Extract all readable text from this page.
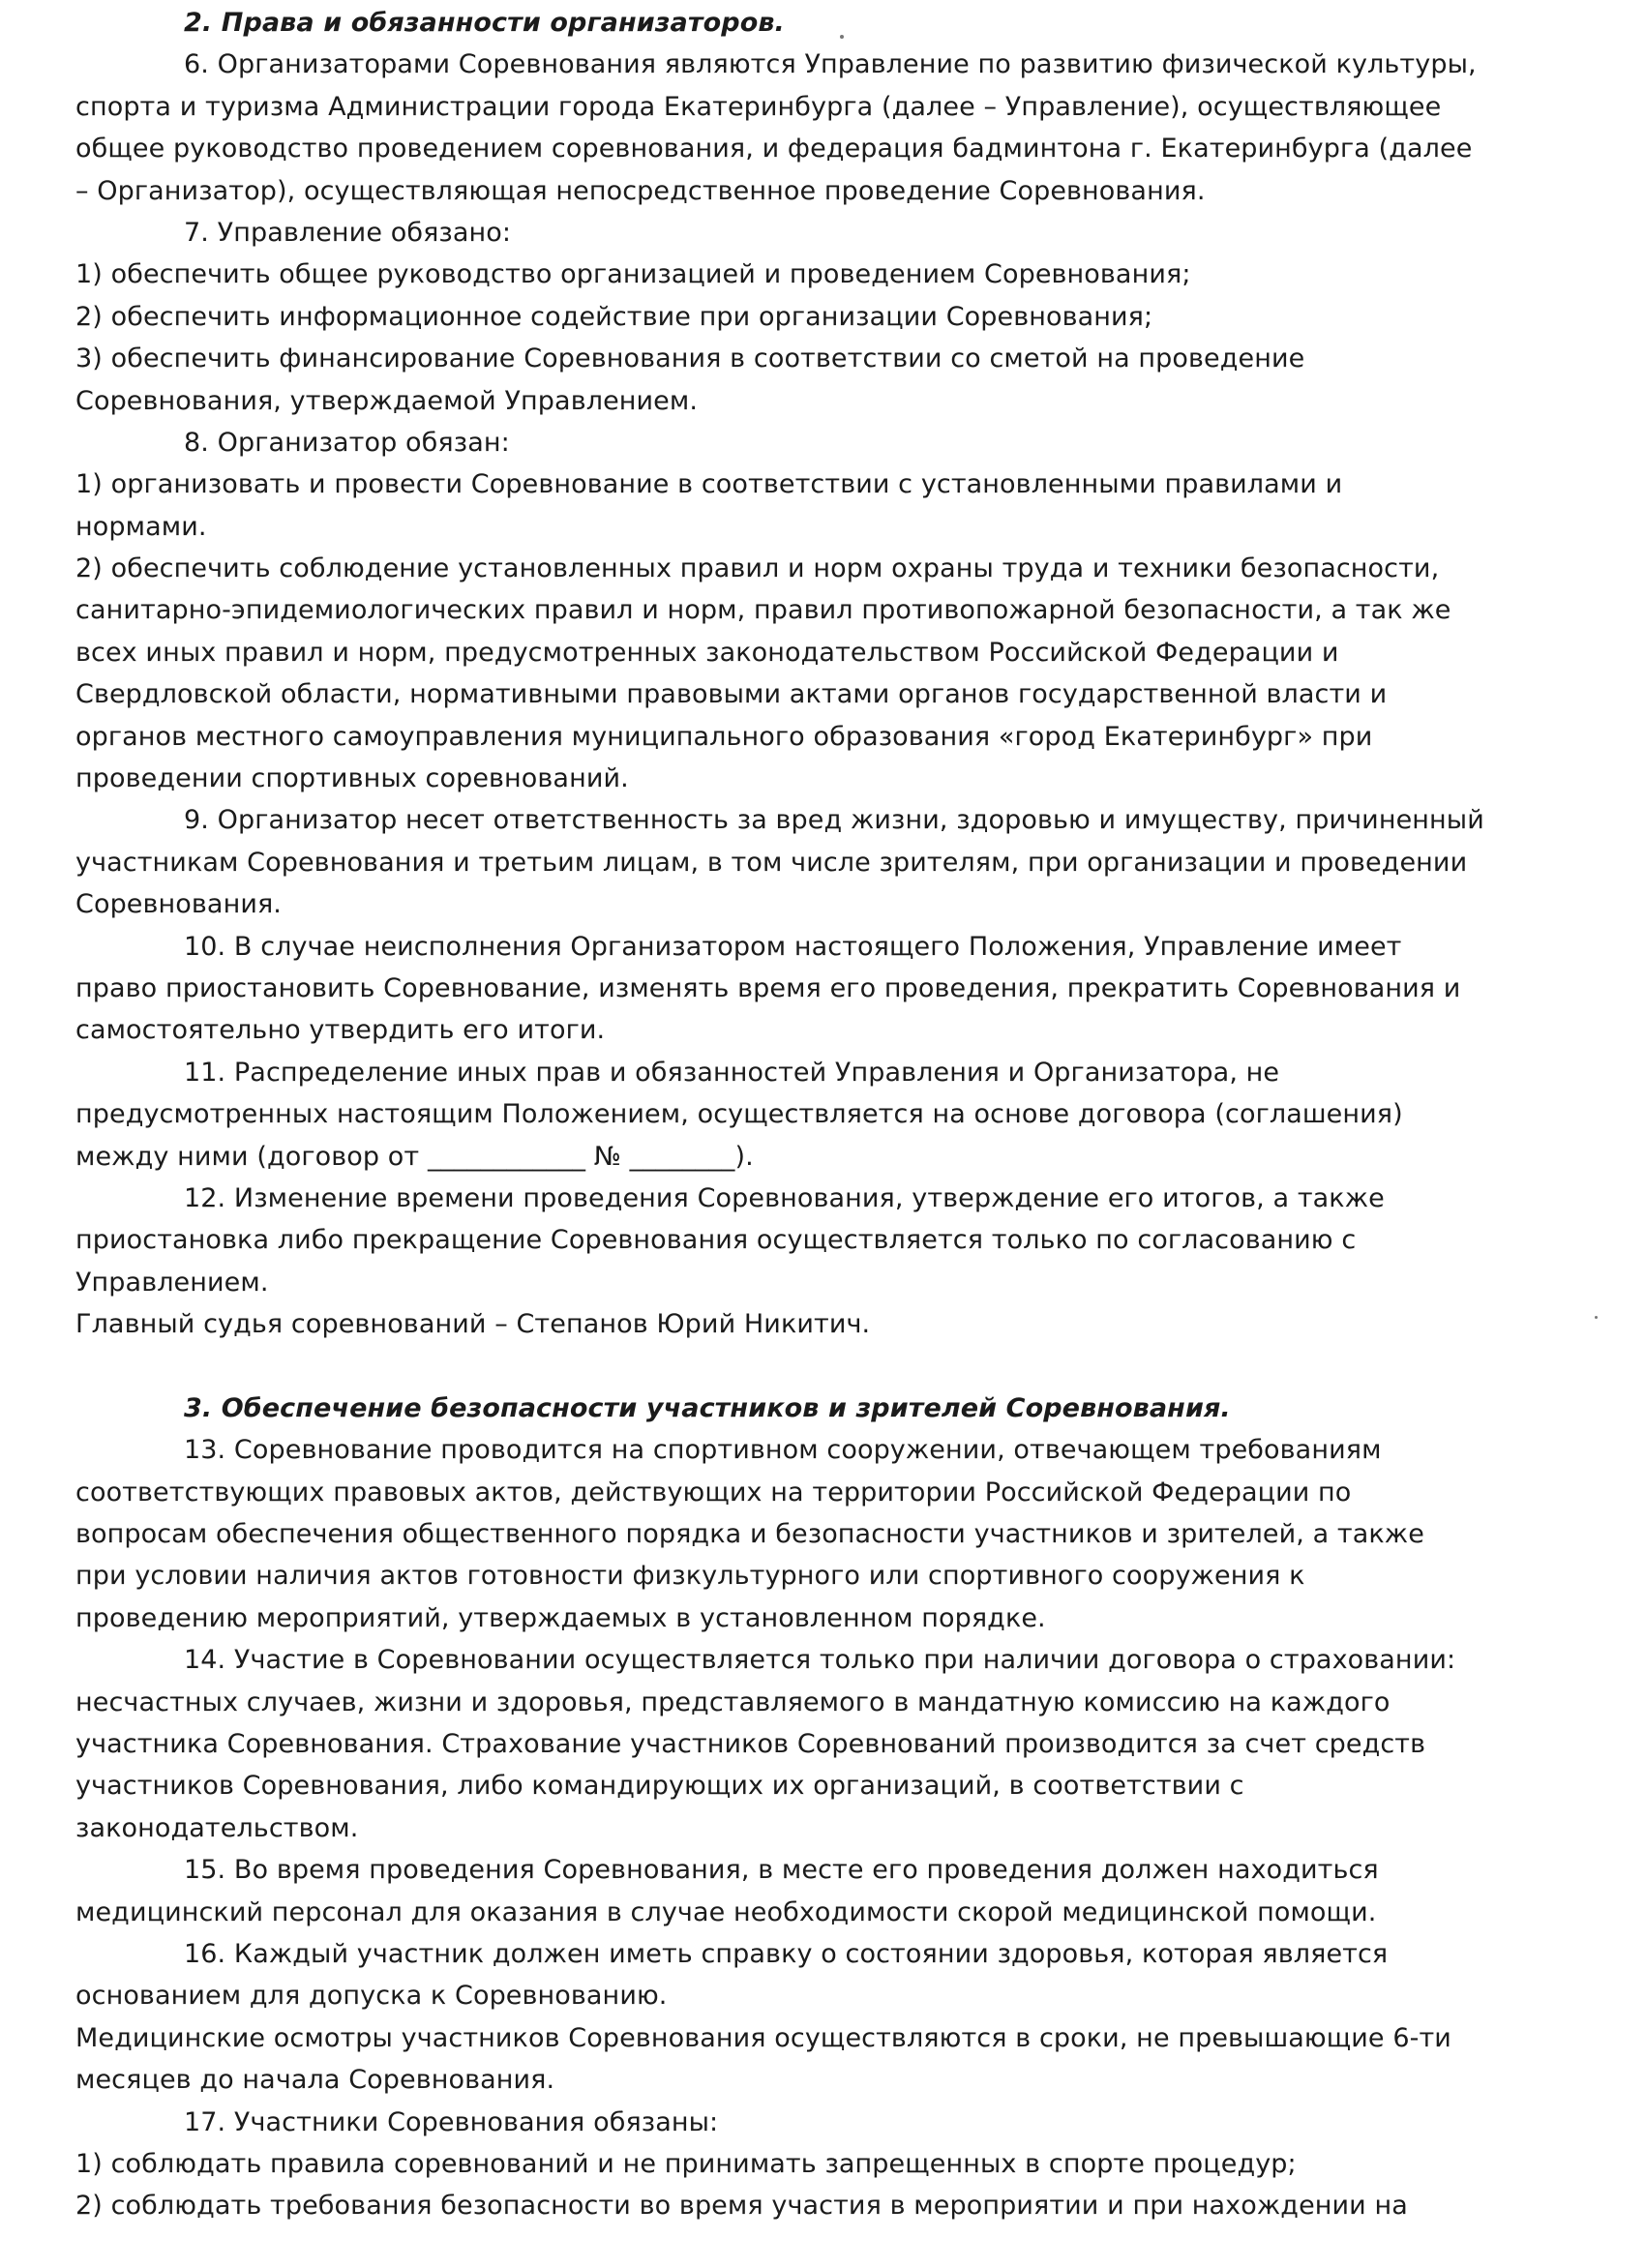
2. Права и обязанности организаторов.
6. Организаторами Соревнования являются Управление по развитию физической культуры,
спорта и туризма Администрации города Екатеринбурга (далее – Управление), осуществляющее
общее руководство проведением соревнования, и федерация бадминтона г. Екатеринбурга (далее
– Организатор), осуществляющая непосредственное проведение Соревнования.
7. Управление обязано:
1) обеспечить общее руководство организацией и проведением Соревнования;
2) обеспечить информационное содействие при организации Соревнования;
3) обеспечить финансирование Соревнования в соответствии со сметой на проведение
Соревнования, утверждаемой Управлением.
8. Организатор обязан:
1) организовать и провести Соревнование в соответствии с установленными правилами и
нормами.
2) обеспечить соблюдение установленных правил и норм охраны труда и техники безопасности,
санитарно-эпидемиологических правил и норм, правил противопожарной безопасности, а так же
всех иных правил и норм, предусмотренных законодательством Российской Федерации и
Свердловской области, нормативными правовыми актами органов государственной власти и
органов местного самоуправления муниципального образования «город Екатеринбург» при
проведении спортивных соревнований.
9. Организатор несет ответственность за вред жизни, здоровью и имуществу, причиненный
участникам Соревнования и третьим лицам, в том числе зрителям, при организации и проведении
Соревнования.
10. В случае неисполнения Организатором настоящего Положения, Управление имеет
право приостановить Соревнование, изменять время его проведения, прекратить Соревнования и
самостоятельно утвердить его итоги.
11. Распределение иных прав и обязанностей Управления и Организатора, не
предусмотренных настоящим Положением, осуществляется на основе договора (соглашения)
между ними (договор от ____________ № ________).
12. Изменение времени проведения Соревнования, утверждение его итогов, а также
приостановка либо прекращение Соревнования осуществляется только по согласованию с
Управлением.
Главный судья соревнований – Степанов Юрий Никитич.
3. Обеспечение безопасности участников и зрителей Соревнования.
13. Соревнование проводится на спортивном сооружении, отвечающем требованиям
соответствующих правовых актов, действующих на территории Российской Федерации по
вопросам обеспечения общественного порядка и безопасности участников и зрителей, а также
при условии наличия актов готовности физкультурного или спортивного сооружения к
проведению мероприятий, утверждаемых в установленном порядке.
14. Участие в Соревновании осуществляется только при наличии договора о страховании:
несчастных случаев, жизни и здоровья, представляемого в мандатную комиссию на каждого
участника Соревнования. Страхование участников Соревнований производится за счет средств
участников Соревнования, либо командирующих их организаций, в соответствии с
законодательством.
15. Во время проведения Соревнования, в месте его проведения должен находиться
медицинский персонал для оказания в случае необходимости скорой медицинской помощи.
16. Каждый участник должен иметь справку о состоянии здоровья, которая является
основанием для допуска к Соревнованию.
Медицинские осмотры участников Соревнования осуществляются в сроки, не превышающие 6-ти
месяцев до начала Соревнования.
17. Участники Соревнования обязаны:
1) соблюдать правила соревнований и не принимать запрещенных в спорте процедур;
2) соблюдать требования безопасности во время участия в мероприятии и при нахождении на
